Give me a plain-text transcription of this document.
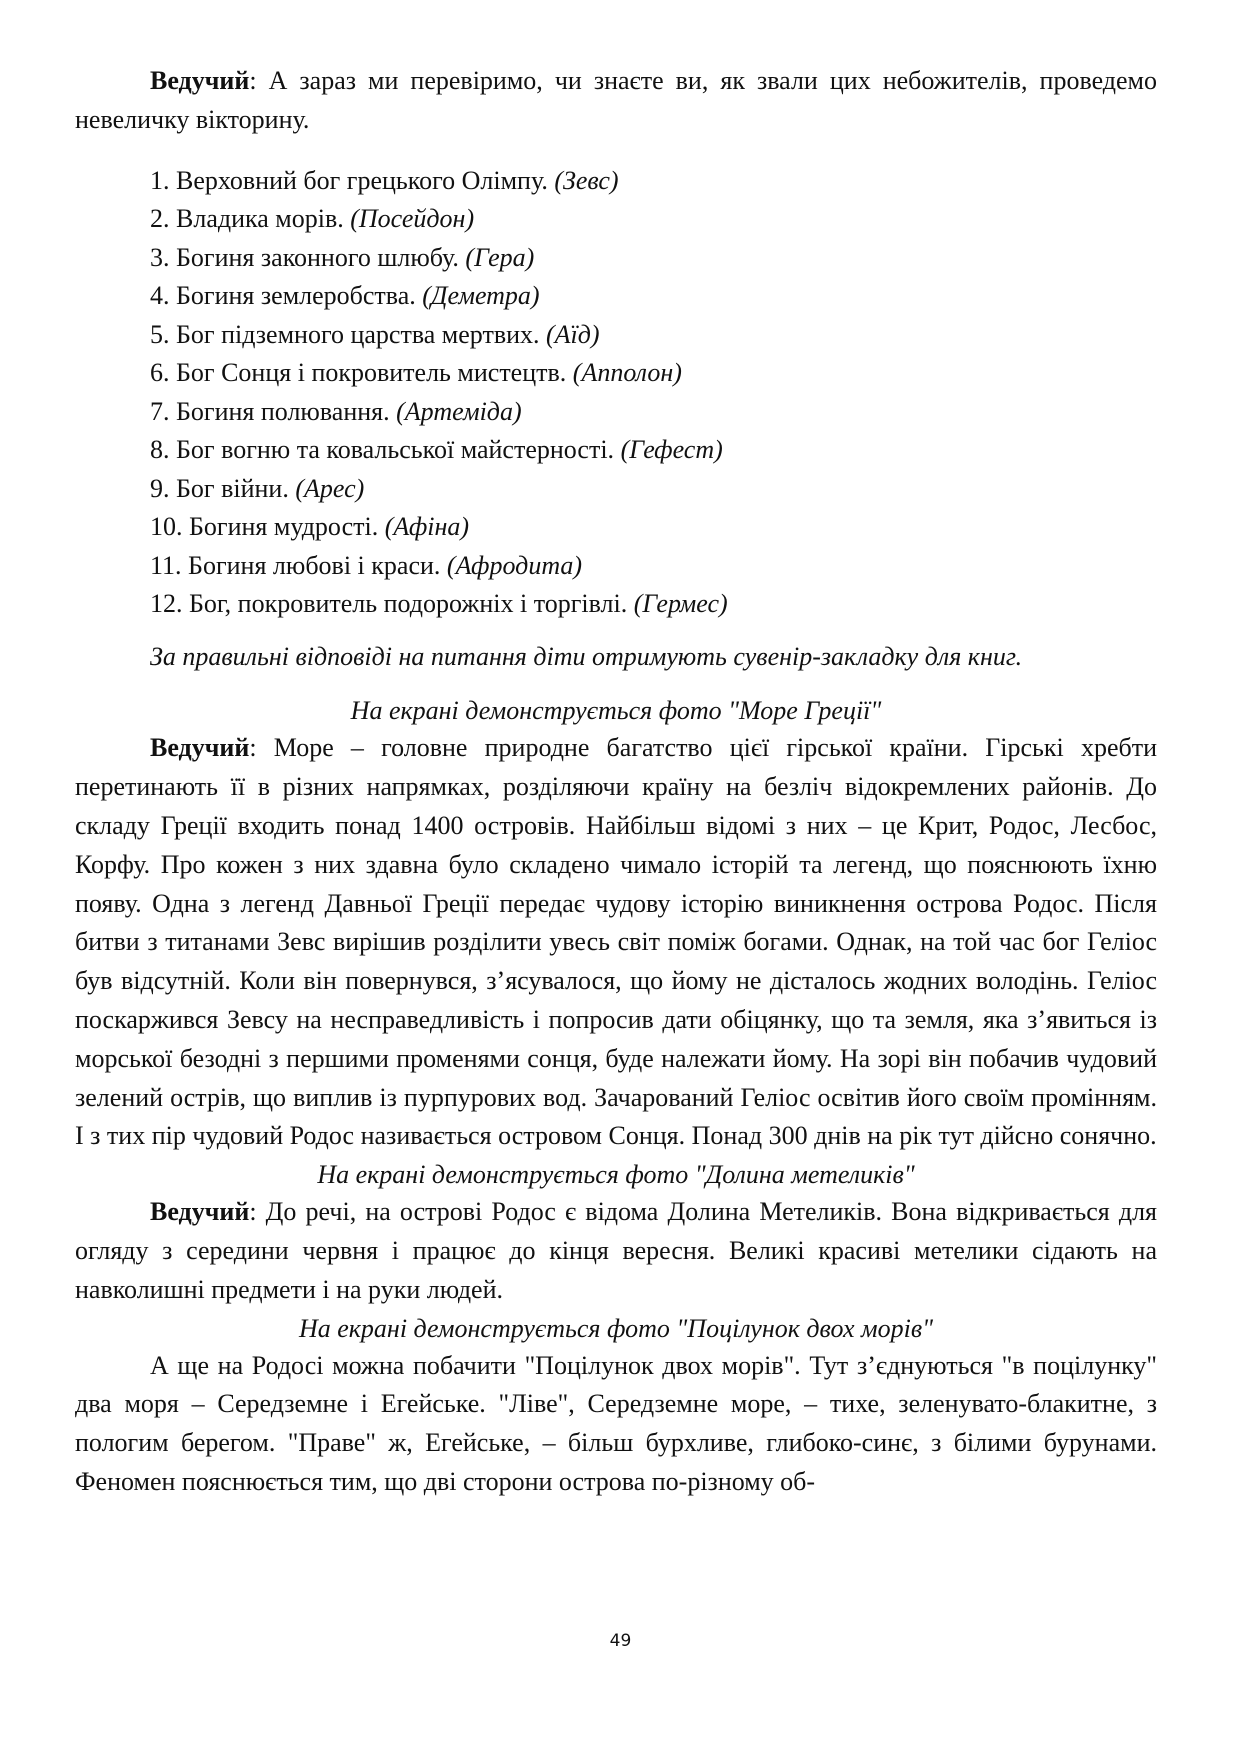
Ведучий: А зараз ми перевіримо, чи знаєте ви, як звали цих небожителів, проведемо невеличку вікторину.

1. Верховний бог грецького Олімпу. (Зевс)
2. Владика морів. (Посейдон)
3. Богиня законного шлюбу. (Гера)
4. Богиня землеробства. (Деметра)
5. Бог підземного царства мертвих. (Аїд)
6. Бог Сонця і покровитель мистецтв. (Апполон)
7. Богиня полювання. (Артеміда)
8. Бог вогню та ковальської майстерності. (Гефест)
9. Бог війни. (Арес)
10. Богиня мудрості. (Афіна)
11. Богиня любові і краси. (Афродита)
12. Бог, покровитель подорожніх і торгівлі. (Гермес)

За правильні відповіді на питання діти отримують сувенір-закладку для книг.

На екрані демонструється фото "Море Греції"

Ведучий: Море – головне природне багатство цієї гірської країни. Гірські хребти перетинають її в різних напрямках, розділяючи країну на безліч відокремлених районів. До складу Греції входить понад 1400 островів. Найбільш відомі з них – це Крит, Родос, Лесбос, Корфу. Про кожен з них здавна було складено чимало історій та легенд, що пояснюють їхню появу. Одна з легенд Давньої Греції передає чудову історію виникнення острова Родос. Після битви з титанами Зевс вирішив розділити увесь світ поміж богами. Однак, на той час бог Геліос був відсутній. Коли він повернувся, з’ясувалося, що йому не дісталось жодних володінь. Геліос поскаржився Зевсу на несправедливість і попросив дати обіцянку, що та земля, яка з’явиться із морської безодні з першими променями сонця, буде належати йому. На зорі він побачив чудовий зелений острів, що виплив із пурпурових вод. Зачарований Геліос освітив його своїм промінням. І з тих пір чудовий Родос називається островом Сонця. Понад 300 днів на рік тут дійсно сонячно.

На екрані демонструється фото "Долина метеликів"

Ведучий: До речі, на острові Родос є відома Долина Метеликів. Вона відкривається для огляду з середини червня і працює до кінця вересня. Великі красиві метелики сідають на навколишні предмети і на руки людей.

На екрані демонструється фото "Поцілунок двох морів"

А ще на Родосі можна побачити "Поцілунок двох морів". Тут з’єднуються "в поцілунку" два моря – Середземне і Егейське. "Ліве", Середземне море, – тихе, зеленувато-блакитне, з пологим берегом. "Праве" ж, Егейське, – більш бурхливе, глибоко-синє, з білими бурунами. Феномен пояснюється тим, що дві сторони острова по-різному об-

49
